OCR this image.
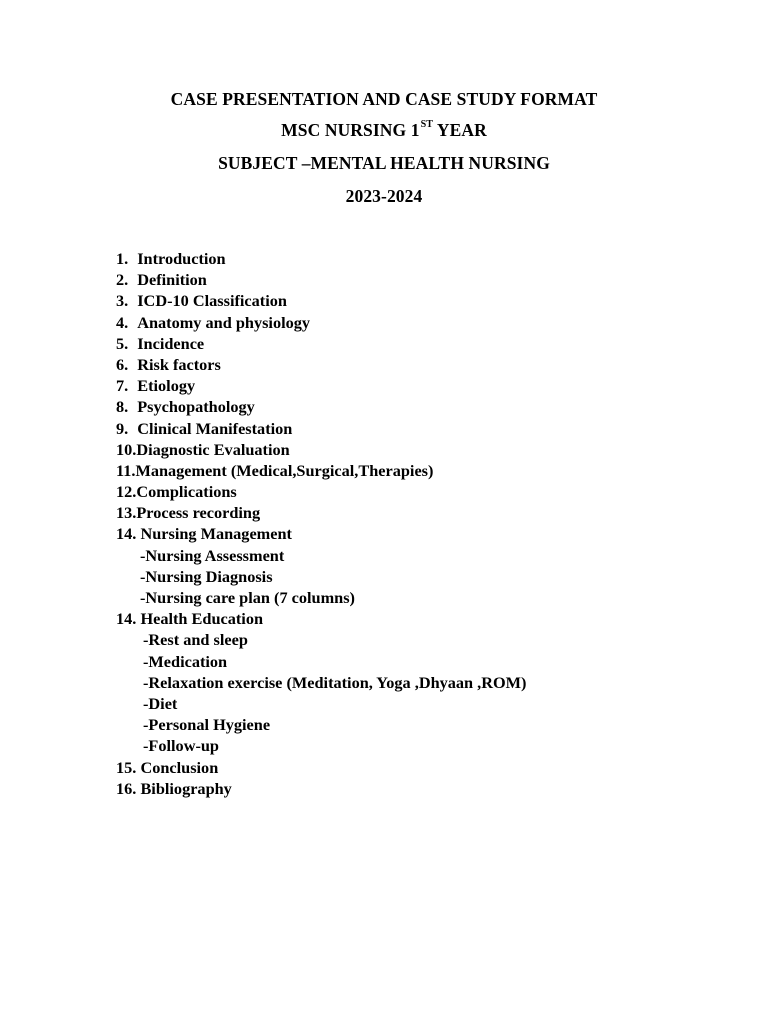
CASE PRESENTATION AND CASE STUDY FORMAT
MSC NURSING 1ST YEAR
SUBJECT –MENTAL HEALTH NURSING
2023-2024
1. Introduction
2. Definition
3. ICD-10 Classification
4. Anatomy and physiology
5. Incidence
6. Risk factors
7. Etiology
8. Psychopathology
9. Clinical Manifestation
10.Diagnostic Evaluation
11.Management (Medical,Surgical,Therapies)
12.Complications
13.Process recording
14. Nursing Management
-Nursing Assessment
-Nursing Diagnosis
-Nursing care plan (7 columns)
14. Health Education
-Rest and sleep
-Medication
-Relaxation exercise (Meditation, Yoga ,Dhyaan ,ROM)
-Diet
-Personal Hygiene
-Follow-up
15. Conclusion
16. Bibliography
